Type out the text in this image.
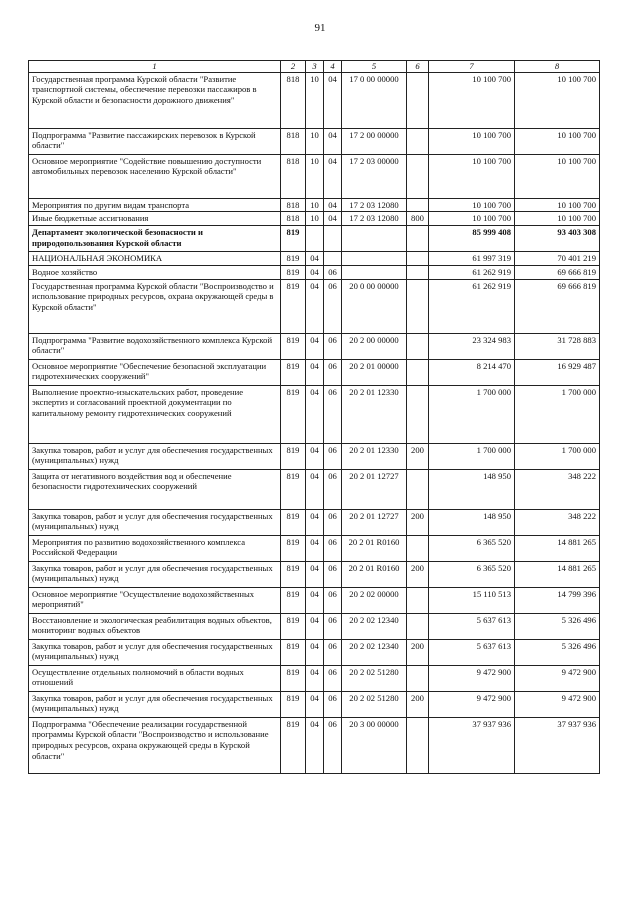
91
1	2	3	4	5	6	7	8
Государственная программа Курской области "Развитие транспортной системы, обеспечение перевозки пассажиров в Курской области и безопасности дорожного движения"	818	10	04	17 0 00 00000		10 100 700	10 100 700
Подпрограмма "Развитие пассажирских перевозок в Курской области"	818	10	04	17 2 00 00000		10 100 700	10 100 700
Основное мероприятие "Содействие повышению доступности автомобильных перевозок населению Курской области"	818	10	04	17 2 03 00000		10 100 700	10 100 700
Мероприятия по другим видам транспорта	818	10	04	17 2 03 12080		10 100 700	10 100 700
Иные бюджетные ассигнования	818	10	04	17 2 03 12080	800	10 100 700	10 100 700
Департамент экологической безопасности и природопользования Курской области	819					85 999 408	93 403 308
НАЦИОНАЛЬНАЯ ЭКОНОМИКА	819	04				61 997 319	70 401 219
Водное хозяйство	819	04	06			61 262 919	69 666 819
Государственная программа Курской области "Воспроизводство и использование природных ресурсов, охрана окружающей среды в Курской области"	819	04	06	20 0 00 00000		61 262 919	69 666 819
Подпрограмма "Развитие водохозяйственного комплекса Курской области"	819	04	06	20 2 00 00000		23 324 983	31 728 883
Основное мероприятие "Обеспечение безопасной эксплуатации гидротехнических сооружений"	819	04	06	20 2 01 00000		8 214 470	16 929 487
Выполнение проектно-изыскательских работ, проведение экспертиз и согласований проектной документации по капитальному ремонту гидротехнических сооружений	819	04	06	20 2 01 12330		1 700 000	1 700 000
Закупка товаров, работ и услуг для обеспечения государственных (муниципальных) нужд	819	04	06	20 2 01 12330	200	1 700 000	1 700 000
Защита от негативного воздействия вод и обеспечение безопасности гидротехнических сооружений	819	04	06	20 2 01 12727		148 950	348 222
Закупка товаров, работ и услуг для обеспечения государственных (муниципальных) нужд	819	04	06	20 2 01 12727	200	148 950	348 222
Мероприятия по развитию водохозяйственного комплекса Российской Федерации	819	04	06	20 2 01 R0160		6 365 520	14 881 265
Закупка товаров, работ и услуг для обеспечения государственных (муниципальных) нужд	819	04	06	20 2 01 R0160	200	6 365 520	14 881 265
Основное мероприятие "Осуществление водохозяйственных мероприятий"	819	04	06	20 2 02 00000		15 110 513	14 799 396
Восстановление и экологическая реабилитация водных объектов, мониторинг водных объектов	819	04	06	20 2 02 12340		5 637 613	5 326 496
Закупка товаров, работ и услуг для обеспечения государственных (муниципальных) нужд	819	04	06	20 2 02 12340	200	5 637 613	5 326 496
Осуществление отдельных полномочий в области водных отношений	819	04	06	20 2 02 51280		9 472 900	9 472 900
Закупка товаров, работ и услуг для обеспечения государственных (муниципальных) нужд	819	04	06	20 2 02 51280	200	9 472 900	9 472 900
Подпрограмма "Обеспечение реализации государственной программы Курской области "Воспроизводство и использование природных ресурсов, охрана окружающей среды в Курской области"	819	04	06	20 3 00 00000		37 937 936	37 937 936
